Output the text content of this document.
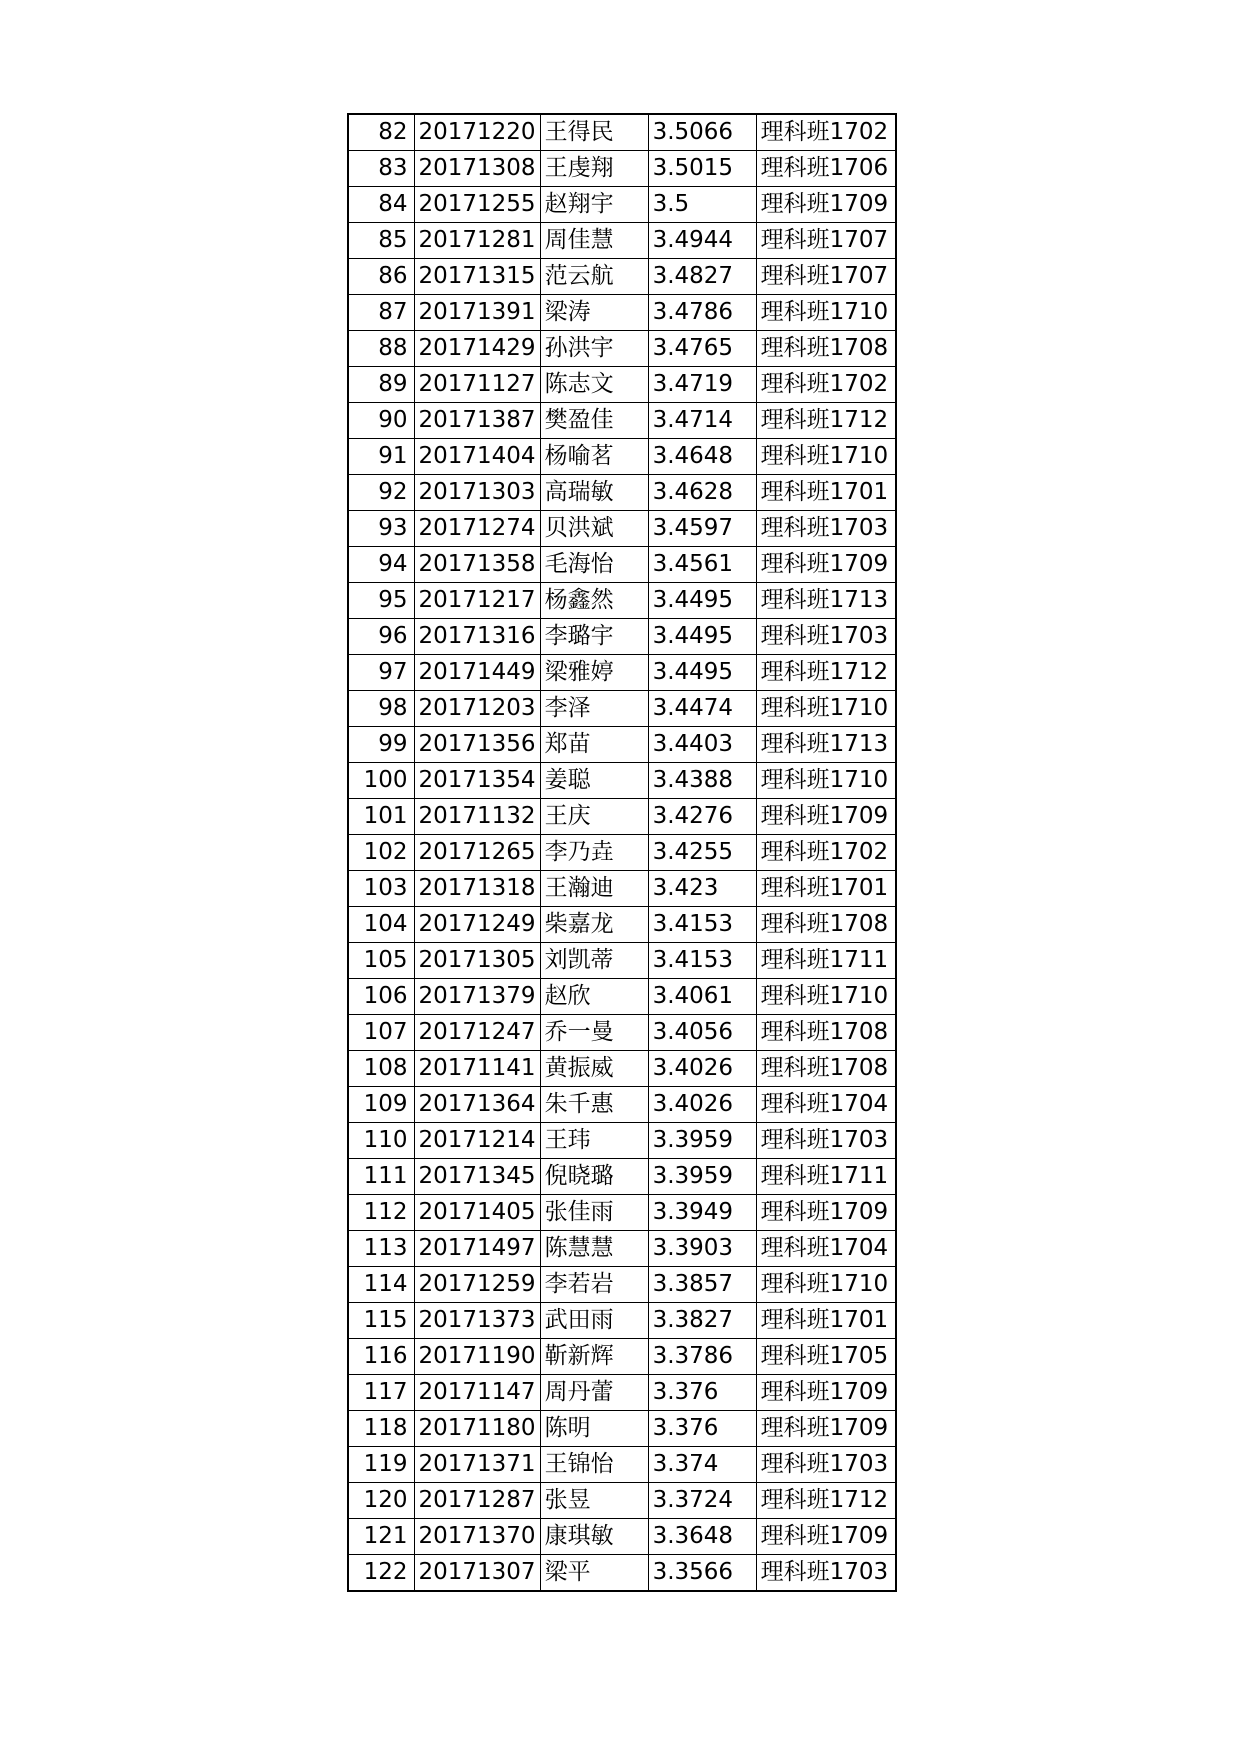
82	20171220	王得民	3.5066	理科班1702
83	20171308	王虔翔	3.5015	理科班1706
84	20171255	赵翔宇	3.5	理科班1709
85	20171281	周佳慧	3.4944	理科班1707
86	20171315	范云航	3.4827	理科班1707
87	20171391	梁涛	3.4786	理科班1710
88	20171429	孙洪宇	3.4765	理科班1708
89	20171127	陈志文	3.4719	理科班1702
90	20171387	樊盈佳	3.4714	理科班1712
91	20171404	杨喻茗	3.4648	理科班1710
92	20171303	高瑞敏	3.4628	理科班1701
93	20171274	贝洪斌	3.4597	理科班1703
94	20171358	毛海怡	3.4561	理科班1709
95	20171217	杨鑫然	3.4495	理科班1713
96	20171316	李璐宇	3.4495	理科班1703
97	20171449	梁雅婷	3.4495	理科班1712
98	20171203	李泽	3.4474	理科班1710
99	20171356	郑苗	3.4403	理科班1713
100	20171354	姜聪	3.4388	理科班1710
101	20171132	王庆	3.4276	理科班1709
102	20171265	李乃垚	3.4255	理科班1702
103	20171318	王瀚迪	3.423	理科班1701
104	20171249	柴嘉龙	3.4153	理科班1708
105	20171305	刘凯蒂	3.4153	理科班1711
106	20171379	赵欣	3.4061	理科班1710
107	20171247	乔一曼	3.4056	理科班1708
108	20171141	黄振威	3.4026	理科班1708
109	20171364	朱千惠	3.4026	理科班1704
110	20171214	王玮	3.3959	理科班1703
111	20171345	倪晓璐	3.3959	理科班1711
112	20171405	张佳雨	3.3949	理科班1709
113	20171497	陈慧慧	3.3903	理科班1704
114	20171259	李若岩	3.3857	理科班1710
115	20171373	武田雨	3.3827	理科班1701
116	20171190	靳新辉	3.3786	理科班1705
117	20171147	周丹蕾	3.376	理科班1709
118	20171180	陈明	3.376	理科班1709
119	20171371	王锦怡	3.374	理科班1703
120	20171287	张昱	3.3724	理科班1712
121	20171370	康琪敏	3.3648	理科班1709
122	20171307	梁平	3.3566	理科班1703
